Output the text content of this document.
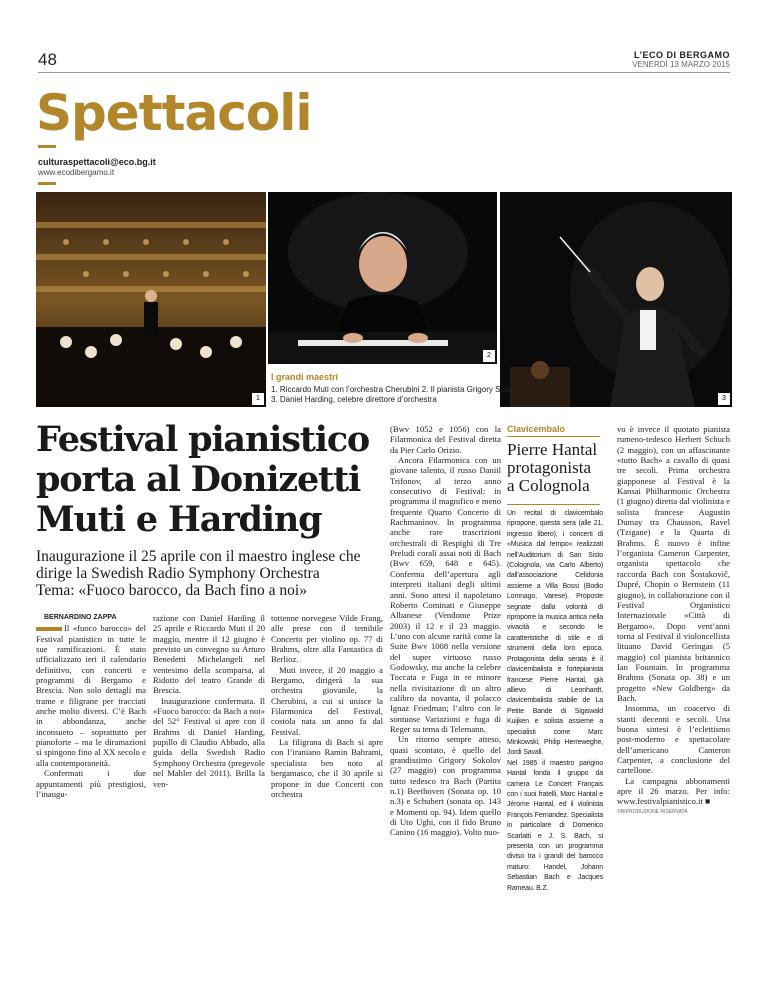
48	L’ECO DI BERGAMO
VENERDÌ 13 MARZO 2015
Spettacoli
culturaspettacoli@eco.bg.it
www.ecodibergamo.it
1
2
3
I grandi maestri
1. Riccardo Muti con l’orchestra Cherubini 2. Il pianista Grigory Sokolov
3. Daniel Harding, celebre direttore d’orchestra
Festival pianistico
porta al Donizetti
Muti e Harding
Inaugurazione il 25 aprile con il maestro inglese che dirige la Swedish Radio Symphony Orchestra
Tema: «Fuoco barocco, da Bach fino a noi»

BERNARDINO ZAPPA

Il «fuoco barocco» del Festival pianistico in tutte le sue ramificazioni. È stato ufficializzato ieri il calendario definitivo, con concerti e programmi di Bergamo e Brescia. Non solo dettagli ma trame e filigrane per tracciati anche molto diversi. C’è Bach in abbondanza, anche inconsueto – soprattutto per pianoforte – ma le diramazioni si spingono fino al XX secolo e alla contemporaneità.

Confermati i due appuntamenti più prestigiosi, l’inaugu-

razione con Daniel Harding il 25 aprile e Riccardo Muti il 20 maggio, mentre il 12 giugno è previsto un convegno su Arturo Benedetti Michelangeli nel ventesimo della scomparsa, al Ridotto del teatro Grande di Brescia.

Inaugurazione confermata. Il «Fuoco barocco: da Bach a noi» del 52° Festival si apre con il Brahms di Daniel Harding, pupillo di Claudio Abbado, alla guida della Swedish Radio Symphony Orchestra (pregevole nel Mahler del 2011). Brilla la ven-

tottenne norvegese Vilde Frang, alle prese con il temibile Concerto per violino op. 77 di Brahms, oltre alla Fantastica di Berlioz.

Muti invece, il 20 maggio a Bergamo, dirigerà la sua orchestra giovanile, la Cherubini, a cui si unisce la Filarmonica del Festival, costola nata un anno fa dal Festival.

La filigrana di Bach si apre con l’iraniano Ramin Bahrami, specialista ben noto al bergamasco, che il 30 aprile si propone in due Concerti con orchestra

(Bwv 1052 e 1056) con la Filarmonica del Festival diretta da Pier Carlo Orizio.

Ancora Filarmonica con un giovane talento, il russo Daniil Trifonov, al terzo anno consecutivo di Festival: in programma il magnifico e meno frequente Quarto Concerto di Rachmaninov. In programma anche rare trascrizioni orchestrali di Respighi di Tre Preludi corali assai noti di Bach (Bwv 659, 648 e 645). Conferma dell’apertura agli interpreti italiani degli ultimi anni. Sono attesi il napoletano Roberto Cominati e Giuseppe Albanese (Vendome Prize 2003) il 12 e il 23 maggio. L’uno con alcune rarità come la Suite Bwv 1008 nella versione del super virtuoso russo Godowsky, ma anche la celebre Toccata e Fuga in re minore nella rivisitazione di un altro calibro da novanta, il polacco Ignaz Friedman; l’altro con le sontuose Variazioni e fuga di Reger su tema di Telemann.

Un ritorno sempre atteso, quasi scontato, è quello del grandissimo Grigory Sokolov (27 maggio) con programma tutto tedesco tra Bach (Partita n.1) Beethoven (Sonata op. 10 n.3) e Schubert (sonata op. 143 e Momenti op. 94). Idem quello di Uto Ughi, con il fido Bruno Canino (16 maggio). Volto nuo-

Clavicembalo
Pierre Hantal protagonista a Colognola

Un recital di clavicembalo ripropone, questa sera (alle 21, ingresso libero), i concerti di «Musica dal tempo» realizzati nell’Auditorium di San Sisto (Colognola, via Carlo Alberto) dall’associazione Celidonia assieme a Villa Bossi (Bodio Lomnago, Varese). Proposte segnate dalla volontà di riproporre la musica antica nella vivacità e secondo le caratteristiche di stile e di strumenti della loro epoca. Protagonista della serata è il clavicembalista e fortepianista francese Pierre Hantal, già allievo di Leonhardt, clavicembalista stabile de La Petite Bande di Sigiswald Kuijken e solista assieme a specialisti come Marc Minkowski, Philip Herreweghe, Jordi Savall.

Nel 1985 il maestro parigino Hantal fonda il gruppo da camera Le Concert Français con i suoi fratelli, Marc Hantal e Jérome Hantal, ed il violinista François Fernandez. Specialista in particolare di Domenico Scarlatti e J. S. Bach, si presenta con un programma diviso tra i grandi del barocco maturo: Handel, Johann Sebastian Bach e Jacques Rameau. B.Z.

vo è invece il quotato pianista rumeno-tedesco Herbert Schuch (2 maggio), con un affascinante «tutto Bach» a cavallo di quasi tre secoli. Prima orchestra giapponese al Festival è la Kansai Philharmonic Orchestra (1 giugno) diretta dal violinista e solista francese Augustin Dumay tra Chausson, Ravel (Tzigane) e la Quarta di Brahms. È nuovo è infine l’organista Cameron Carpenter, organista spettacolo che raccorda Bach con Šostakovič, Dupré, Chopin o Bernstein (11 giugno), in collaborazione con il Festival Organistico Internazionale «Città di Bergamo». Dopo vent’anni torna al Festival il violoncellista lituano David Geringas (5 maggio) col pianista britannico Ian Fountain. In programma Brahms (Sonata op. 38) e un progetto «New Goldberg» da Bach.

Insomma, un coacervo di stanti decenni e secoli. Una buona sintesi è l’eclettismo post-moderno e spettacolare dell’americano Cameron Carpenter, a conclusione del cartellone.

La campagna abbonamenti apre il 26 marzo. Per info: www.festivalpianistico.it ■

©RIPRODUZIONE RISERVATA
